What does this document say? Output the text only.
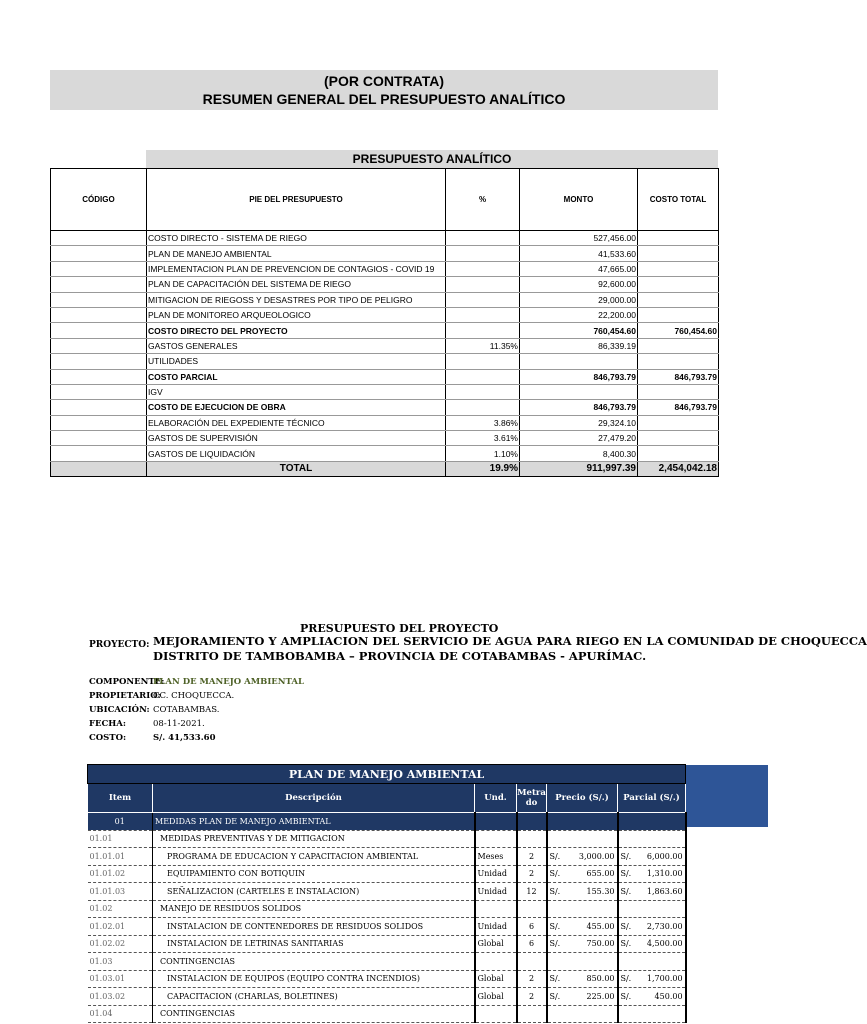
(POR CONTRATA)
RESUMEN GENERAL DEL PRESUPUESTO ANALÍTICO
PRESUPUESTO ANALÍTICO
CÓDIGO	PIE DEL PRESUPUESTO	%	MONTO	COSTO TOTAL
	COSTO DIRECTO - SISTEMA DE RIEGO		527,456.00	
	PLAN DE MANEJO AMBIENTAL		41,533.60	
	IMPLEMENTACION PLAN DE PREVENCION DE CONTAGIOS - COVID 19		47,665.00	
	PLAN DE CAPACITACIÓN DEL SISTEMA DE RIEGO		92,600.00	
	MITIGACION DE RIEGOSS Y DESASTRES POR TIPO DE PELIGRO		29,000.00	
	PLAN DE MONITOREO ARQUEOLOGICO		22,200.00	
	COSTO DIRECTO DEL PROYECTO		760,454.60	760,454.60
	GASTOS GENERALES	11.35%	86,339.19	
	UTILIDADES			
	COSTO PARCIAL		846,793.79	846,793.79
	IGV			
	COSTO DE EJECUCION DE OBRA		846,793.79	846,793.79
	ELABORACIÓN DEL EXPEDIENTE TÉCNICO	3.86%	29,324.10	
	GASTOS DE SUPERVISIÓN	3.61%	27,479.20	
	GASTOS DE LIQUIDACIÓN	1.10%	8,400.30	
	TOTAL	19.9%	911,997.39	2,454,042.18
PRESUPUESTO DEL PROYECTO
PROYECTO: MEJORAMIENTO Y AMPLIACION DEL SERVICIO DE AGUA PARA RIEGO EN LA COMUNIDAD DE CHOQUECCA
DISTRITO DE TAMBOBAMBA – PROVINCIA DE COTABAMBAS - APURÍMAC.
COMPONENTE:
PLAN DE MANEJO AMBIENTAL
PROPIETARIO:
CC. CHOQUECCA.
UBICACIÓN: COTABAMBAS.
FECHA:	08-11-2021.
COSTO:	S/. 41,533.60
PLAN DE MANEJO AMBIENTAL					
Item	Descripción	Und.	Metrado	Precio (S/.)	Parcial (S/.)
01	MEDIDAS PLAN DE MANEJO AMBIENTAL				
01.01	MEDIDAS PREVENTIVAS Y DE MITIGACION				
01.01.01	PROGRAMA DE EDUCACION Y CAPACITACION AMBIENTAL	Meses	2	S/. 3,000.00	S/. 6,000.00

01.01.02	EQUIPAMIENTO CON BOTIQUIN	Unidad	2	S/. 655.00	S/. 1,310.00

01.01.03	SEÑALIZACION (CARTELES E INSTALACION)	Unidad	12	S/. 155.30	S/. 1,863.60

01.02	MANEJO DE RESIDUOS SOLIDOS				
01.02.01	INSTALACION DE CONTENEDORES DE RESIDUOS SOLIDOS	Unidad	6	S/. 455.00	S/. 2,730.00

01.02.02	INSTALACION DE LETRINAS SANITARIAS	Global	6	S/. 750.00	S/. 4,500.00

01.03	CONTINGENCIAS				
01.03.01	INSTALACION DE EQUIPOS (EQUIPO CONTRA INCENDIOS)	Global	2	S/. 850.00	S/. 1,700.00

01.03.02	CAPACITACION (CHARLAS, BOLETINES)	Global	2	S/. 225.00	S/. 450.00

01.04	CONTINGENCIAS				
